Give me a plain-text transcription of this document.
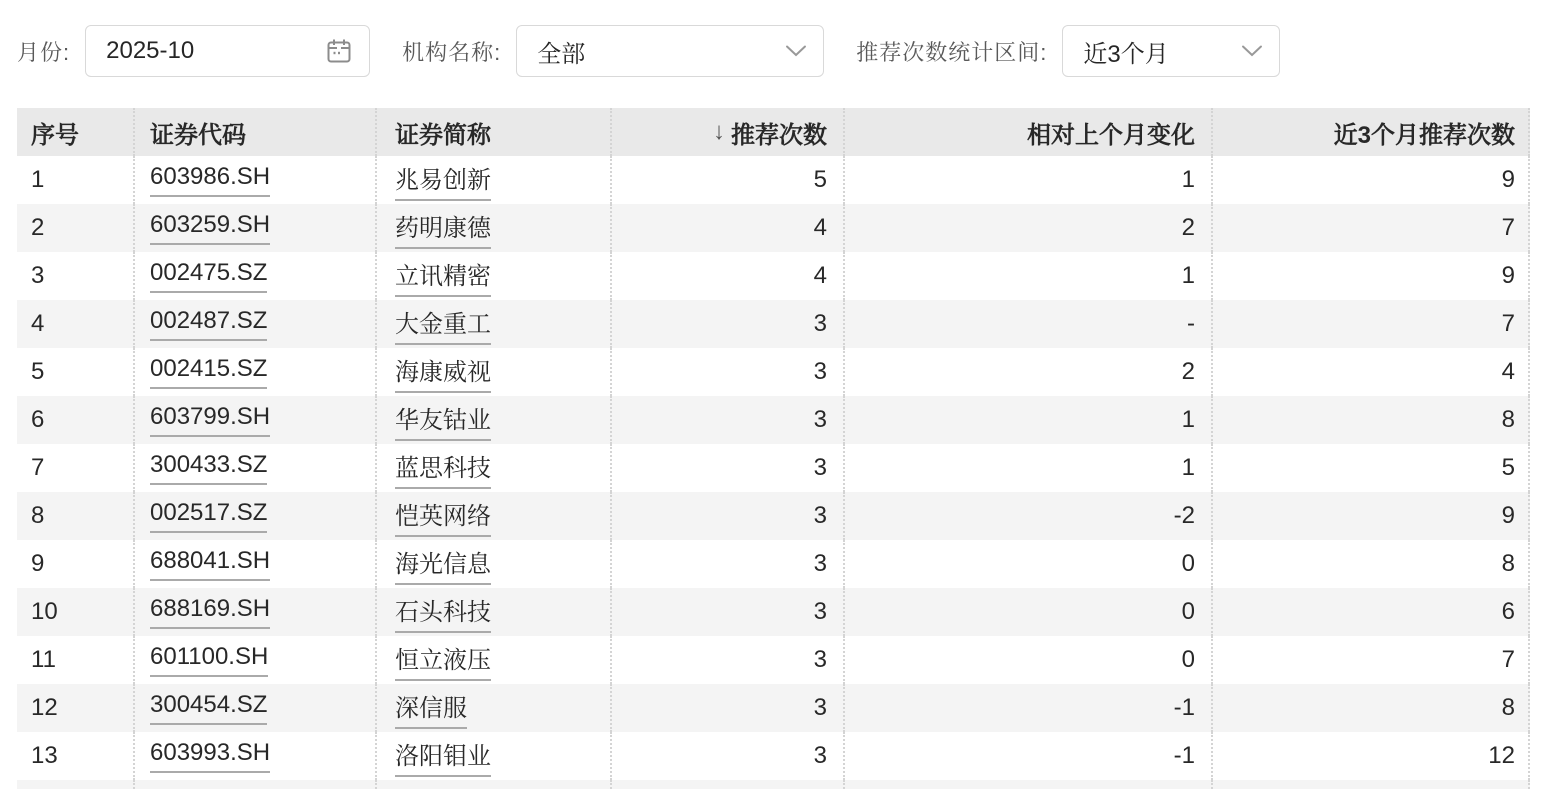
月份:
2025-10	机构名称: 全部	推荐次数统计区间: 近3个月
序号	证券代码	证券简称	↓ 推荐次数	相对上个月变化	近3个月推荐次数
1	603986.SH	兆易创新	5	1	9
2	603259.SH	药明康德	4	2	7
3	002475.SZ	立讯精密	4	1	9
4	002487.SZ	大金重工	3	-	7
5	002415.SZ	海康威视	3	2	4
6	603799.SH	华友钴业	3	1	8
7	300433.SZ	蓝思科技	3	1	5
8	002517.SZ	恺英网络	3	-2	9
9	688041.SH	海光信息	3	0	8
10	688169.SH	石头科技	3	0	6
11	601100.SH	恒立液压	3	0	7
12	300454.SZ	深信服	3	-1	8
13	603993.SH	洛阳钼业	3	-1	12
